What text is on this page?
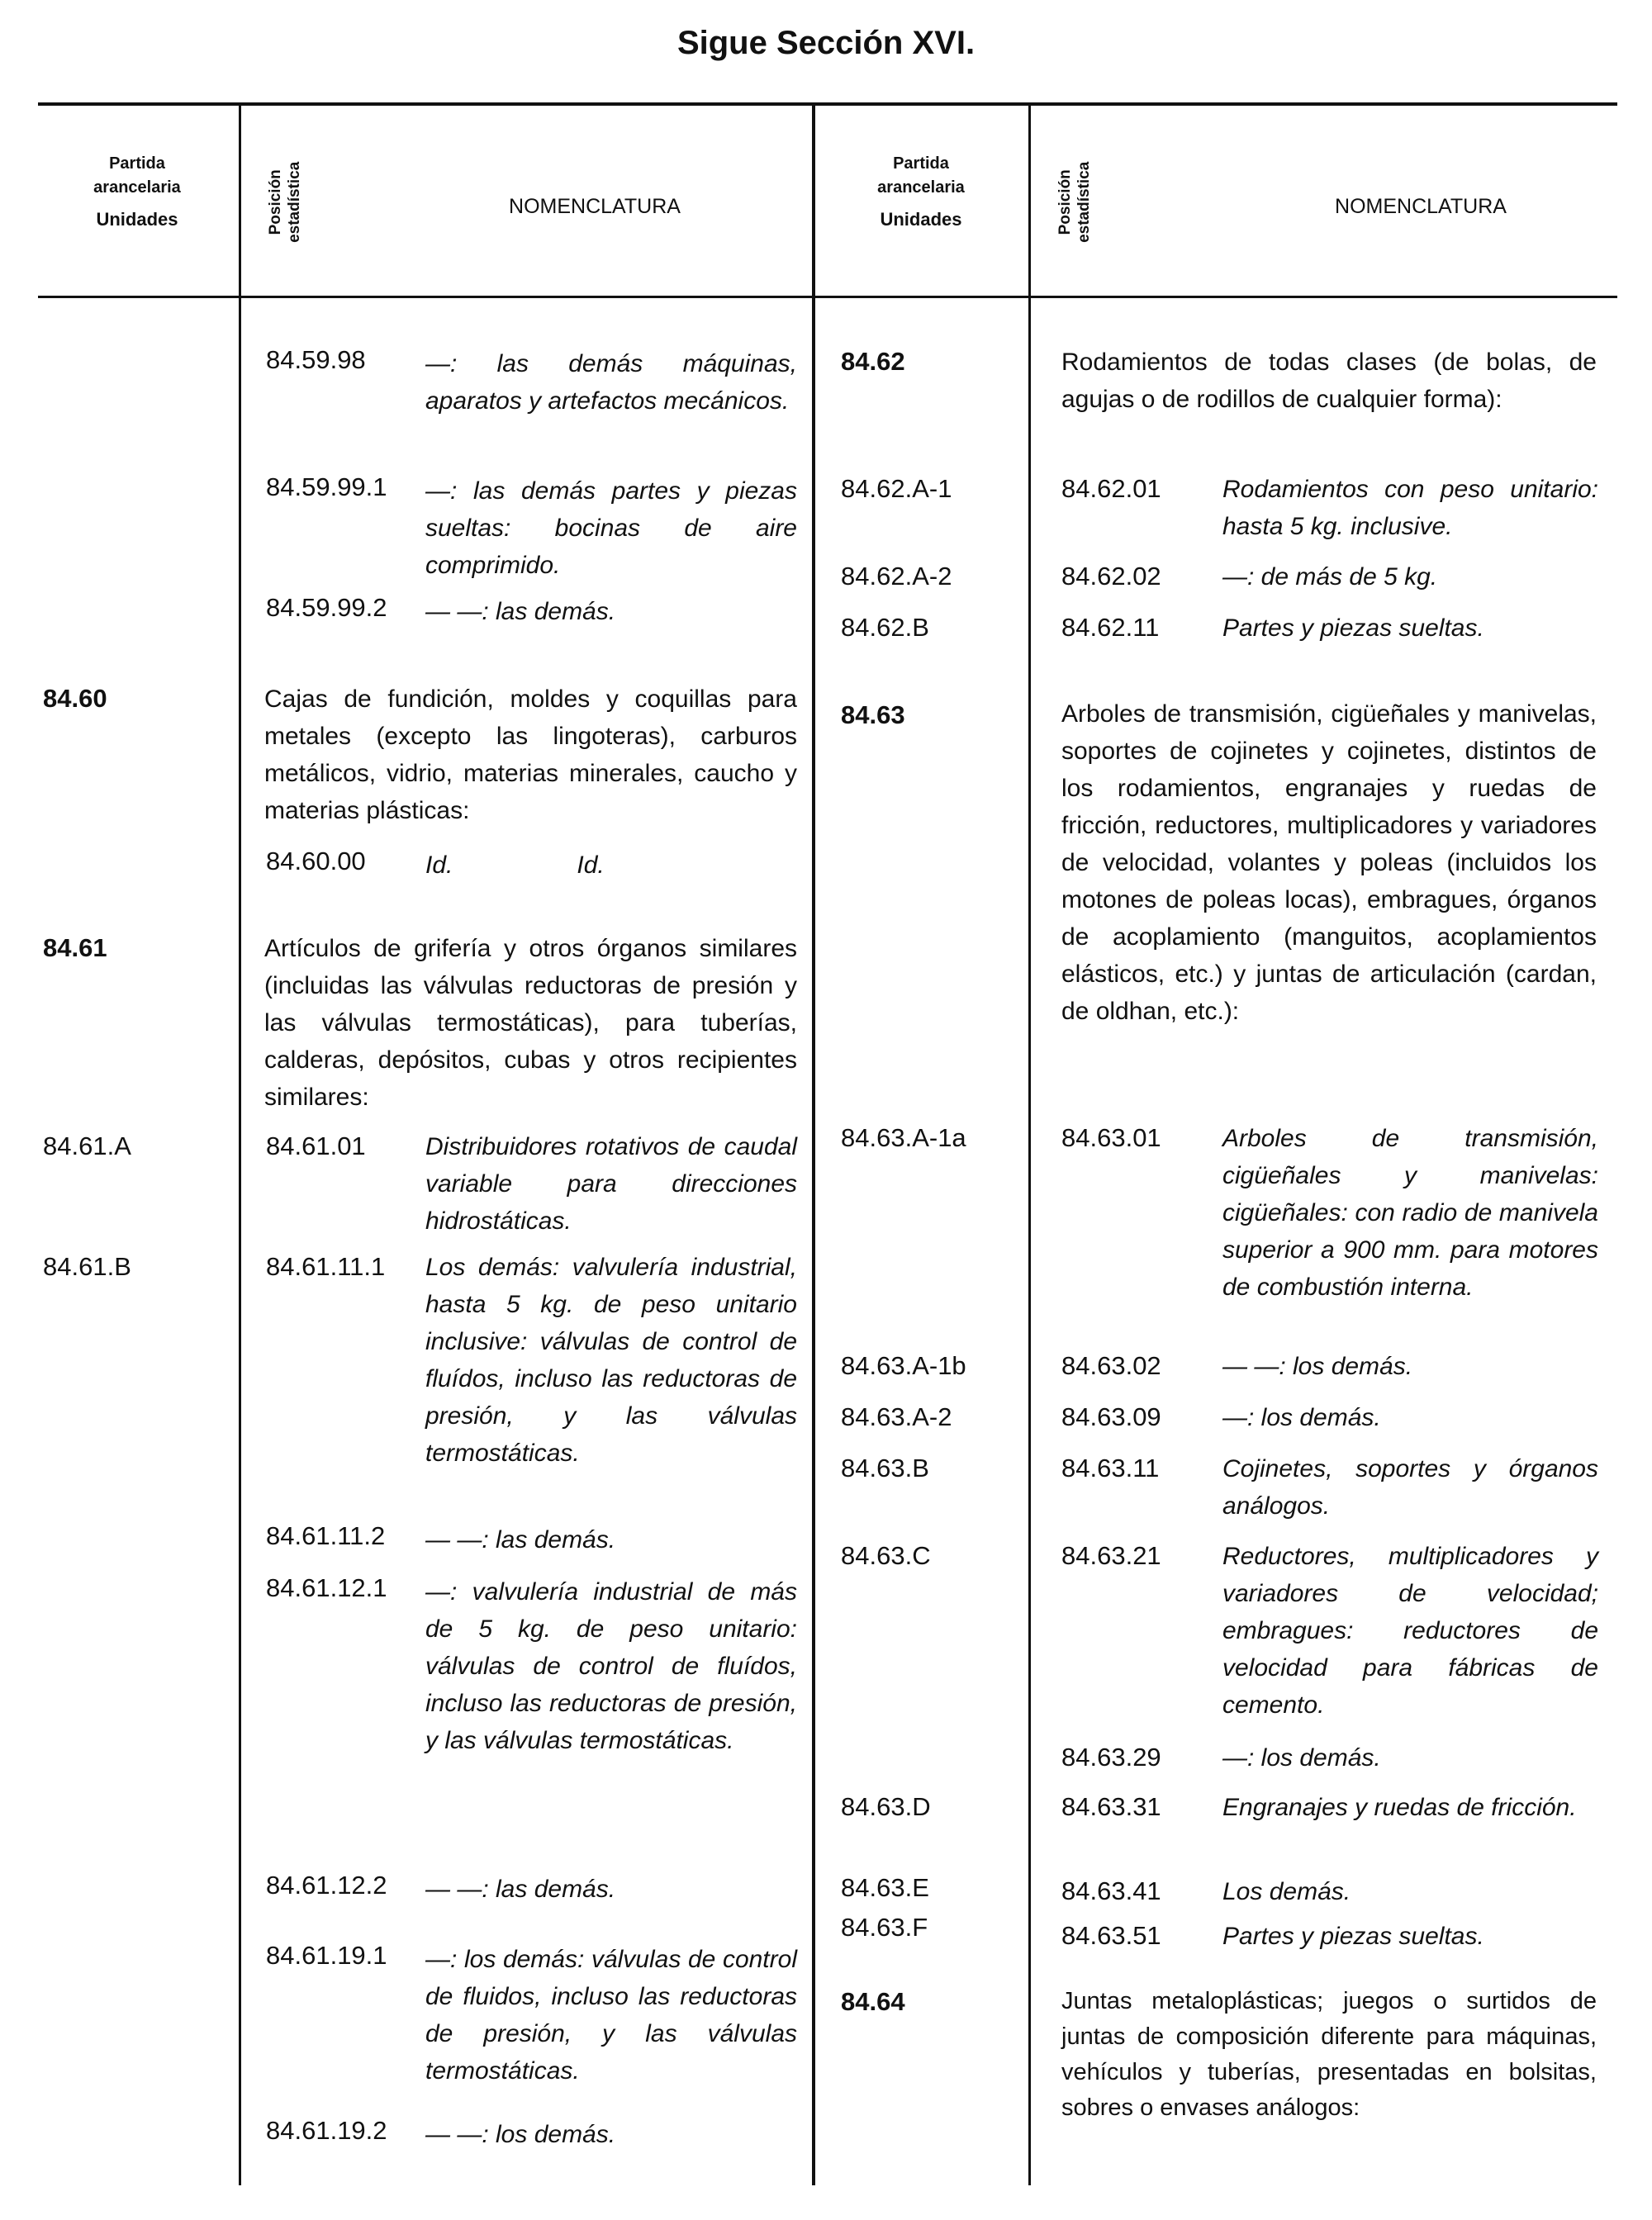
Sigue Sección XVI.
Partida
arancelaria
Unidades	Posición estadística	NOMENCLATURA
Partida
arancelaria
Unidades	Posición estadística	NOMENCLATURA
84.59.98 —: las demás máquinas, aparatos y artefactos mecánicos.
84.59.99.1 —: las demás partes y piezas sueltas: bocinas de aire comprimido.
84.59.99.2 — —: las demás.
84.60	Cajas de fundición, moldes y coquillas para metales (excepto las lingoteras), carburos metálicos, vidrio, materias minerales, caucho y materias plásticas:
84.60.00 Id.	Id.
84.61	Artículos de grifería y otros órganos similares (incluidas las válvulas reductoras de presión y las válvulas termostáticas), para tuberías, calderas, depósitos, cubas y otros recipientes similares:
84.61.A	84.61.01 Distribuidores rotativos de caudal variable para direcciones hidrostáticas.
84.61.B	84.61.11.1 Los demás: valvulería industrial, hasta 5 kg. de peso unitario inclusive: válvulas de control de fluídos, incluso las reductoras de presión, y las válvulas termostáticas.
84.61.11.2 — —: las demás.
84.61.12.1 —: valvulería industrial de más de 5 kg. de peso unitario: válvulas de control de fluídos, incluso las reductoras de presión, y las válvulas termostáticas.
84.61.12.2 — —: las demás.
84.61.19.1 —: los demás: válvulas de control de fluidos, incluso las reductoras de presión, y las válvulas termostáticas.
84.61.19.2 — —: los demás.
84.62	Rodamientos de todas clases (de bolas, de agujas o de rodillos de cualquier forma):
84.62.A-1	84.62.01 Rodamientos con peso unitario: hasta 5 kg. inclusive.
84.62.A-2	84.62.02 —: de más de 5 kg.
84.62.B	84.62.11	Partes y piezas sueltas.
84.63	Arboles de transmisión, cigüeñales y manivelas, soportes de cojinetes y cojinetes, distintos de los rodamientos, engranajes y ruedas de fricción, reductores, multiplicadores y variadores de velocidad, volantes y poleas (incluidos los motones de poleas locas), embragues, órganos de acoplamiento (manguitos, acoplamientos elásticos, etc.) y juntas de articulación (cardan, de oldhan, etc.):
84.63.A-1a	84.63.01 Arboles de transmisión, cigüeñales y manivelas: cigüeñales: con radio de manivela superior a 900 mm. para motores de combustión interna.
84.63.A-1b	84.63.02 — —: los demás.
84.63.A-2	84.63.09 —: los demás.
84.63.B	84.63.11	Cojinetes, soportes y órganos análogos.
84.63.C	84.63.21 Reductores, multiplicadores y variadores de velocidad; embragues: reductores de velocidad para fábricas de cemento.
84.63.29 —: los demás.
84.63.D	84.63.31 Engranajes y ruedas de fricción.
84.63.E	84.63.41 Los demás.
84.63.F	84.63.51 Partes y piezas sueltas.
84.64	Juntas metaloplásticas; juegos o surtidos de juntas de composición diferente para máquinas, vehículos y tuberías, presentadas en bolsitas, sobres o envases análogos:
